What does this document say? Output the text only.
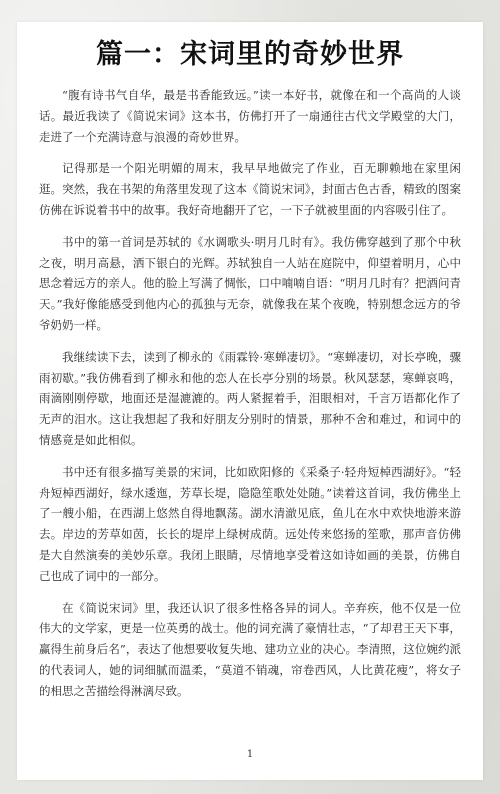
篇一：宋词里的奇妙世界

“腹有诗书气自华，最是书香能致远。”读一本好书，就像在和一个高尚的人谈话。最近我读了《简说宋词》这本书，仿佛打开了一扇通往古代文学殿堂的大门，走进了一个充满诗意与浪漫的奇妙世界。

记得那是一个阳光明媚的周末，我早早地做完了作业，百无聊赖地在家里闲逛。突然，我在书架的角落里发现了这本《简说宋词》，封面古色古香，精致的图案仿佛在诉说着书中的故事。我好奇地翻开了它，一下子就被里面的内容吸引住了。

书中的第一首词是苏轼的《水调歌头·明月几时有》。我仿佛穿越到了那个中秋之夜，明月高悬，洒下银白的光辉。苏轼独自一人站在庭院中，仰望着明月，心中思念着远方的亲人。他的脸上写满了惆怅，口中喃喃自语：“明月几时有？把酒问青天。”我好像能感受到他内心的孤独与无奈，就像我在某个夜晚，特别想念远方的爷爷奶奶一样。

我继续读下去，读到了柳永的《雨霖铃·寒蝉凄切》。“寒蝉凄切，对长亭晚，骤雨初歇。”我仿佛看到了柳永和他的恋人在长亭分别的场景。秋风瑟瑟，寒蝉哀鸣，雨滴刚刚停歇，地面还是湿漉漉的。两人紧握着手，泪眼相对，千言万语都化作了无声的泪水。这让我想起了我和好朋友分别时的情景，那种不舍和难过，和词中的情感竟是如此相似。

书中还有很多描写美景的宋词，比如欧阳修的《采桑子·轻舟短棹西湖好》。“轻舟短棹西湖好，绿水逶迤，芳草长堤，隐隐笙歌处处随。”读着这首词，我仿佛坐上了一艘小船，在西湖上悠然自得地飘荡。湖水清澈见底，鱼儿在水中欢快地游来游去。岸边的芳草如茵，长长的堤岸上绿树成荫。远处传来悠扬的笙歌，那声音仿佛是大自然演奏的美妙乐章。我闭上眼睛，尽情地享受着这如诗如画的美景，仿佛自己也成了词中的一部分。

在《简说宋词》里，我还认识了很多性格各异的词人。辛弃疾，他不仅是一位伟大的文学家，更是一位英勇的战士。他的词充满了豪情壮志，“了却君王天下事，赢得生前身后名”，表达了他想要收复失地、建功立业的决心。李清照，这位婉约派的代表词人，她的词细腻而温柔，“莫道不销魂，帘卷西风，人比黄花瘦”，将女子的相思之苦描绘得淋漓尽致。

1
